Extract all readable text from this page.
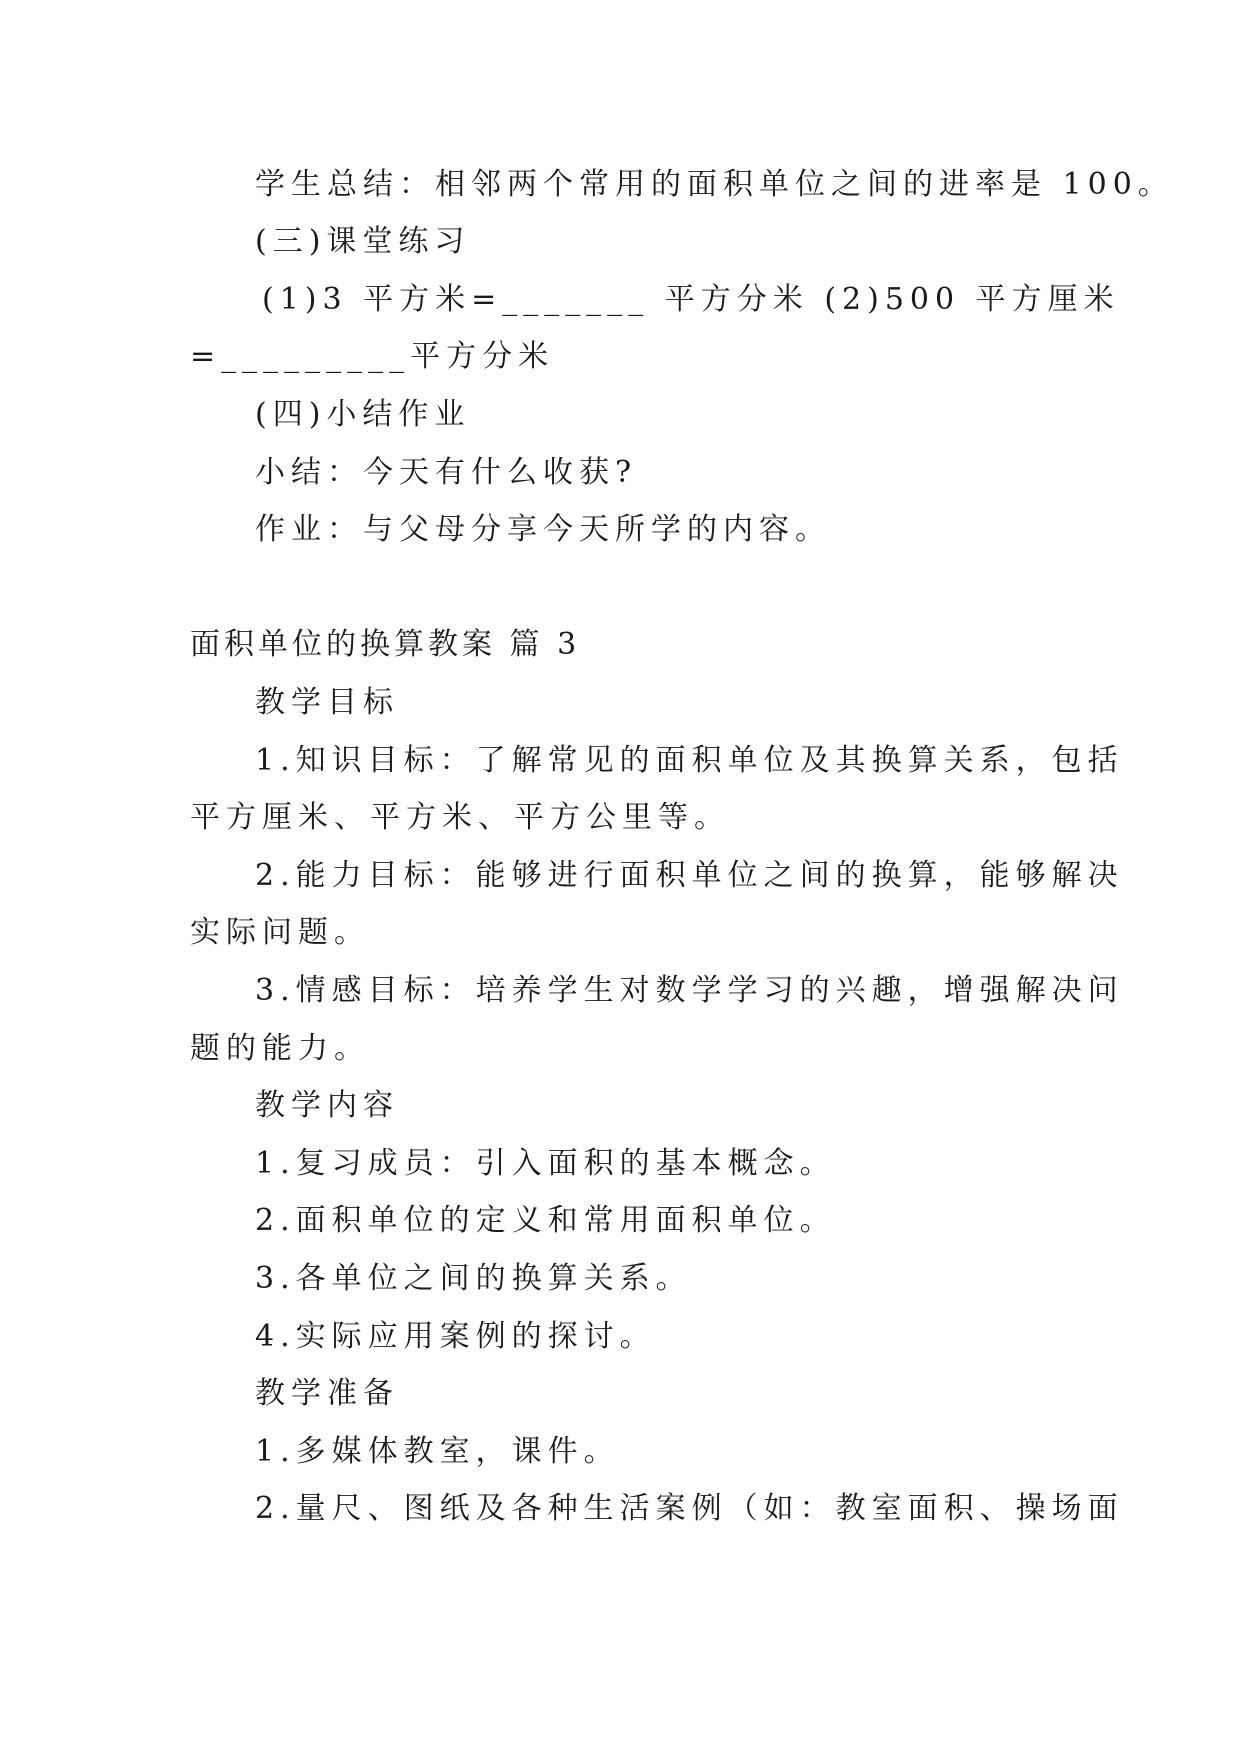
学生总结：相邻两个常用的面积单位之间的进率是 100。
(三)课堂练习
(1)3 平方米=_______ 平方分米 (2)500 平方厘米
=_________平方分米
(四)小结作业
小结：今天有什么收获?
作业：与父母分享今天所学的内容。
面积单位的换算教案 篇 3
教学目标
1.知识目标：了解常见的面积单位及其换算关系，包括
平方厘米、平方米、平方公里等。
2.能力目标：能够进行面积单位之间的换算，能够解决
实际问题。
3.情感目标：培养学生对数学学习的兴趣，增强解决问
题的能力。
教学内容
1.复习成员：引入面积的基本概念。
2.面积单位的定义和常用面积单位。
3.各单位之间的换算关系。
4.实际应用案例的探讨。
教学准备
1.多媒体教室，课件。
2.量尺、图纸及各种生活案例（如：教室面积、操场面
